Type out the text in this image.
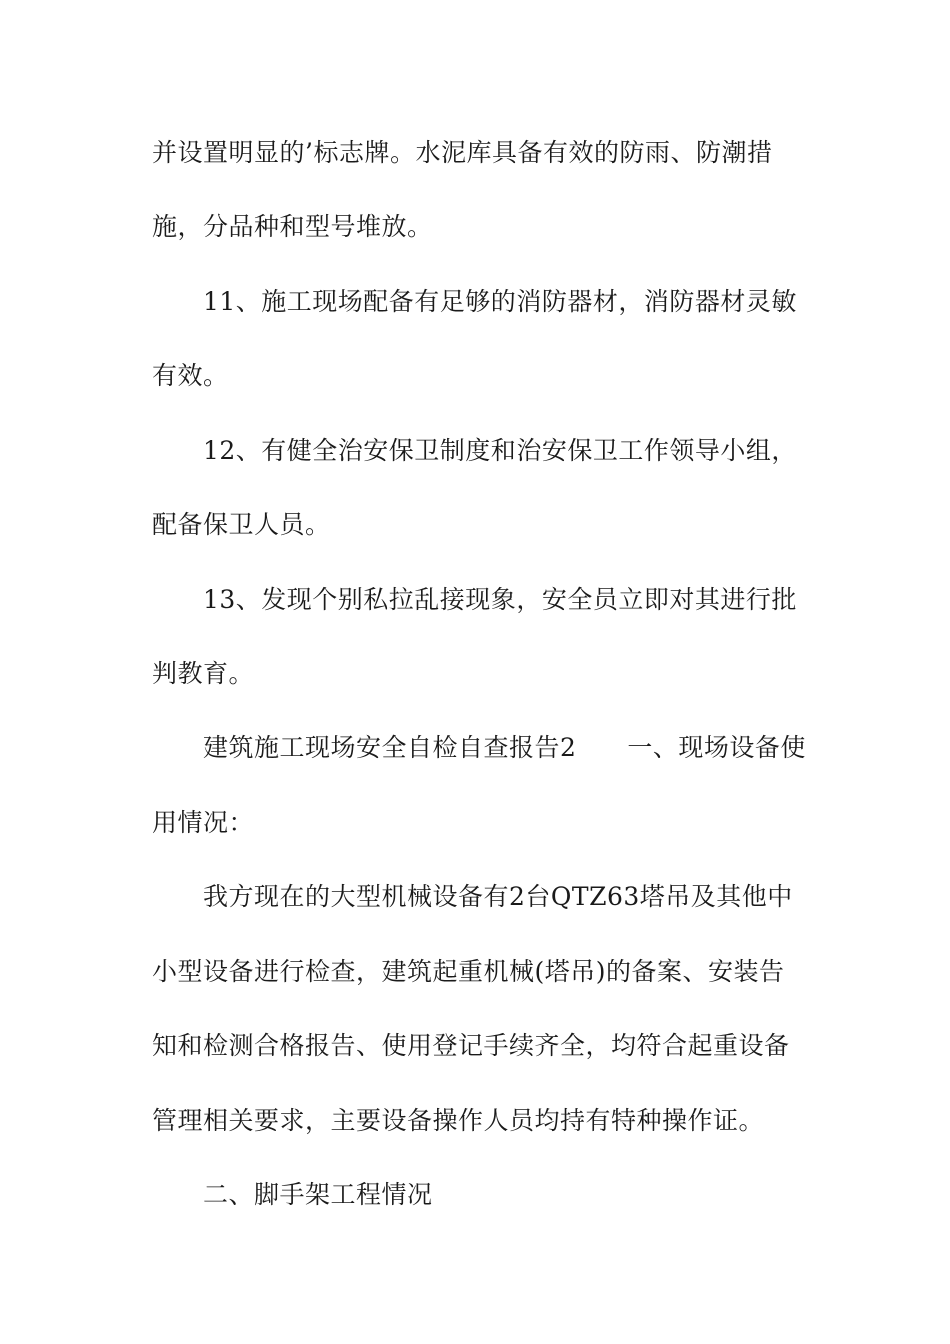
并设置明显的’标志牌。水泥库具备有效的防雨、防潮措
施，分品种和型号堆放。
11、施工现场配备有足够的消防器材，消防器材灵敏
有效。
12、有健全治安保卫制度和治安保卫工作领导小组，
配备保卫人员。
13、发现个别私拉乱接现象，安全员立即对其进行批
判教育。
建筑施工现场安全自检自查报告2　　一、现场设备使
用情况：
我方现在的大型机械设备有2台QTZ63塔吊及其他中
小型设备进行检查，建筑起重机械(塔吊)的备案、安装告
知和检测合格报告、使用登记手续齐全，均符合起重设备
管理相关要求，主要设备操作人员均持有特种操作证。
二、脚手架工程情况
